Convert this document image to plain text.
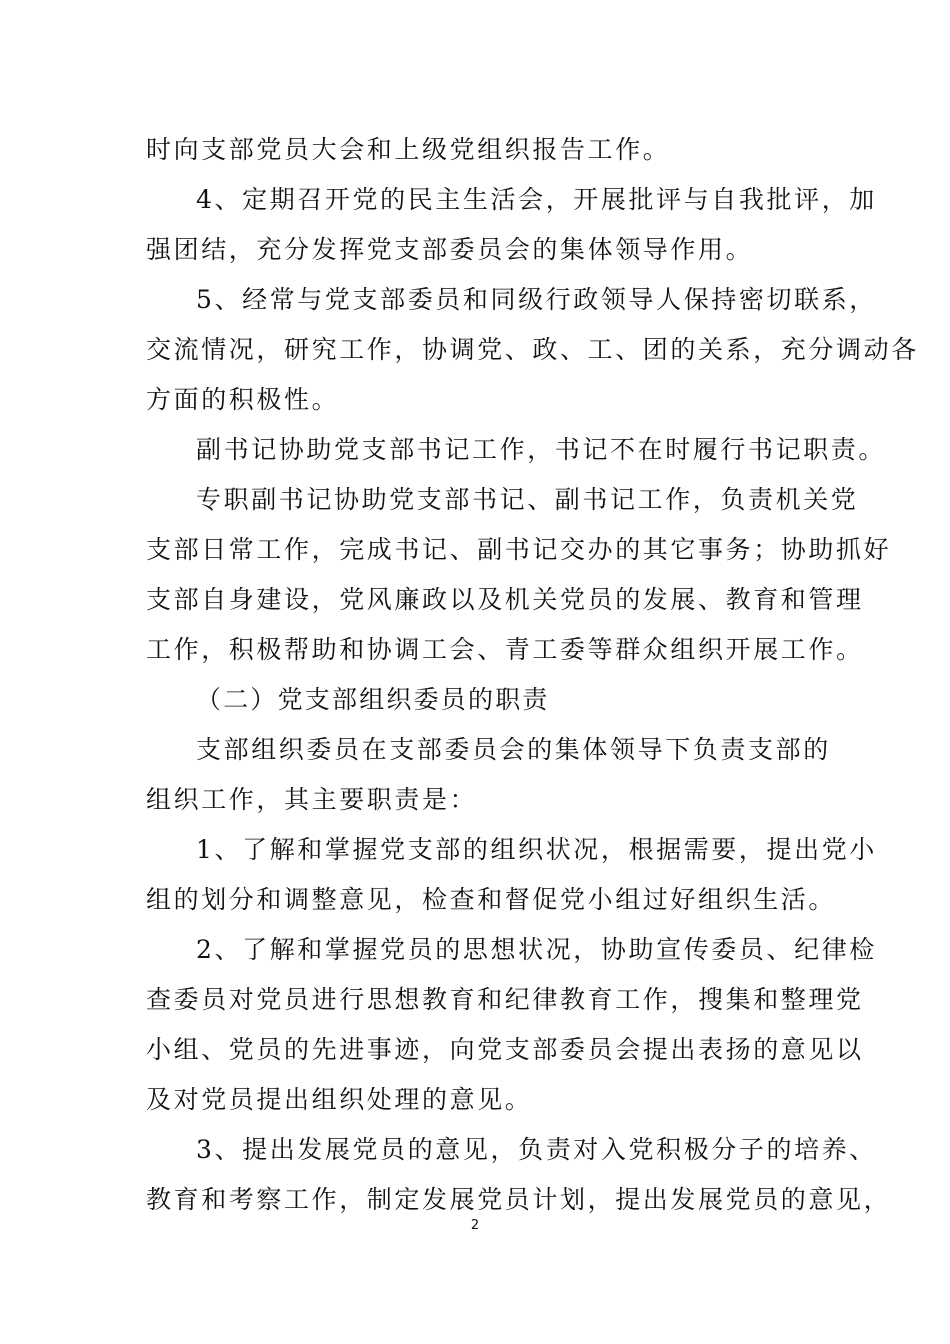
时向支部党员大会和上级党组织报告工作。
4、定期召开党的民主生活会，开展批评与自我批评，加
强团结，充分发挥党支部委员会的集体领导作用。
5、经常与党支部委员和同级行政领导人保持密切联系，
交流情况，研究工作，协调党、政、工、团的关系，充分调动各
方面的积极性。
副书记协助党支部书记工作，书记不在时履行书记职责。
专职副书记协助党支部书记、副书记工作，负责机关党
支部日常工作，完成书记、副书记交办的其它事务；协助抓好
支部自身建设，党风廉政以及机关党员的发展、教育和管理
工作，积极帮助和协调工会、青工委等群众组织开展工作。
（二）党支部组织委员的职责
支部组织委员在支部委员会的集体领导下负责支部的
组织工作，其主要职责是：
1、了解和掌握党支部的组织状况，根据需要，提出党小
组的划分和调整意见，检查和督促党小组过好组织生活。
2、了解和掌握党员的思想状况，协助宣传委员、纪律检
查委员对党员进行思想教育和纪律教育工作，搜集和整理党
小组、党员的先进事迹，向党支部委员会提出表扬的意见以
及对党员提出组织处理的意见。
3、提出发展党员的意见，负责对入党积极分子的培养、
教育和考察工作，制定发展党员计划，提出发展党员的意见，
2
